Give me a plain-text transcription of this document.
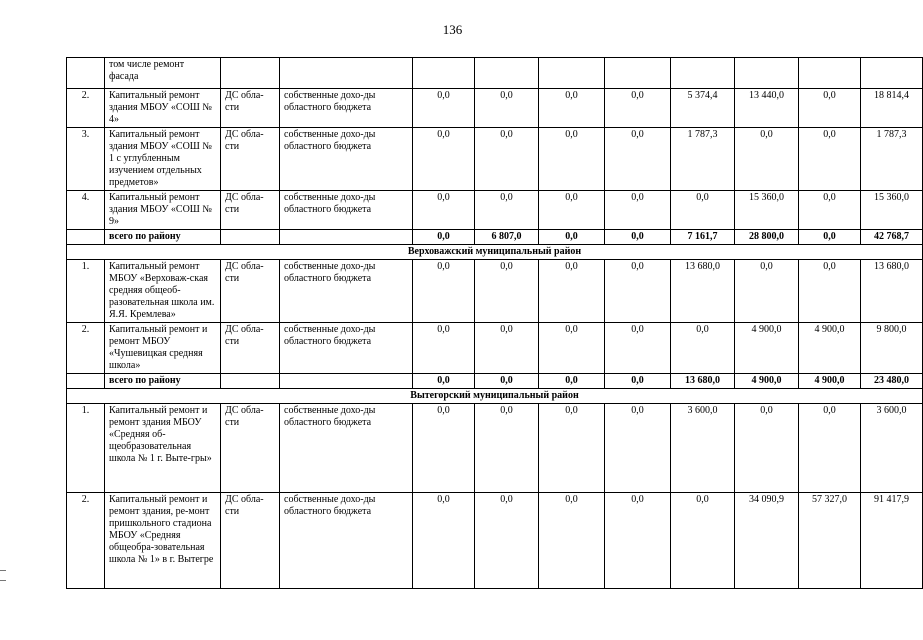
136
	том числе ремонт фасада										
2.	Капитальный ремонт здания МБОУ «СОШ № 4»	ДС обла-сти	собственные дохо-ды областного бюджета	0,0	0,0	0,0	0,0	5 374,4	13 440,0	0,0	18 814,4
3.	Капитальный ремонт здания МБОУ «СОШ № 1 с углубленным изучением отдельных предметов»	ДС обла-сти	собственные дохо-ды областного бюджета	0,0	0,0	0,0	0,0	1 787,3	0,0	0,0	1 787,3
4.	Капитальный ремонт здания МБОУ «СОШ № 9»	ДС обла-сти	собственные дохо-ды областного бюджета	0,0	0,0	0,0	0,0	0,0	15 360,0	0,0	15 360,0
	всего по району			0,0	6 807,0	0,0	0,0	7 161,7	28 800,0	0,0	42 768,7
Верховажский муниципальный район											
1.	Капитальный ремонт МБОУ «Верховаж-ская средняя общеоб-разовательная школа им. Я.Я. Кремлева»	ДС обла-сти	собственные дохо-ды областного бюджета	0,0	0,0	0,0	0,0	13 680,0	0,0	0,0	13 680,0
2.	Капитальный ремонт и ремонт МБОУ «Чушевицкая средняя школа»	ДС обла-сти	собственные дохо-ды областного бюджета	0,0	0,0	0,0	0,0	0,0	4 900,0	4 900,0	9 800,0
	всего по району			0,0	0,0	0,0	0,0	13 680,0	4 900,0	4 900,0	23 480,0
Вытегорский муниципальный район											
1.	Капитальный ремонт и ремонт здания МБОУ «Средняя об-щеобразовательная школа № 1 г. Выте-гры»	ДС обла-сти	собственные дохо-ды областного бюджета	0,0	0,0	0,0	0,0	3 600,0	0,0	0,0	3 600,0
2.	Капитальный ремонт и ремонт здания, ре-монт пришкольного стадиона МБОУ «Средняя общеобра-зовательная школа № 1» в г. Вытегре	ДС обла-сти	собственные дохо-ды областного бюджета	0,0	0,0	0,0	0,0	0,0	34 090,9	57 327,0	91 417,9
